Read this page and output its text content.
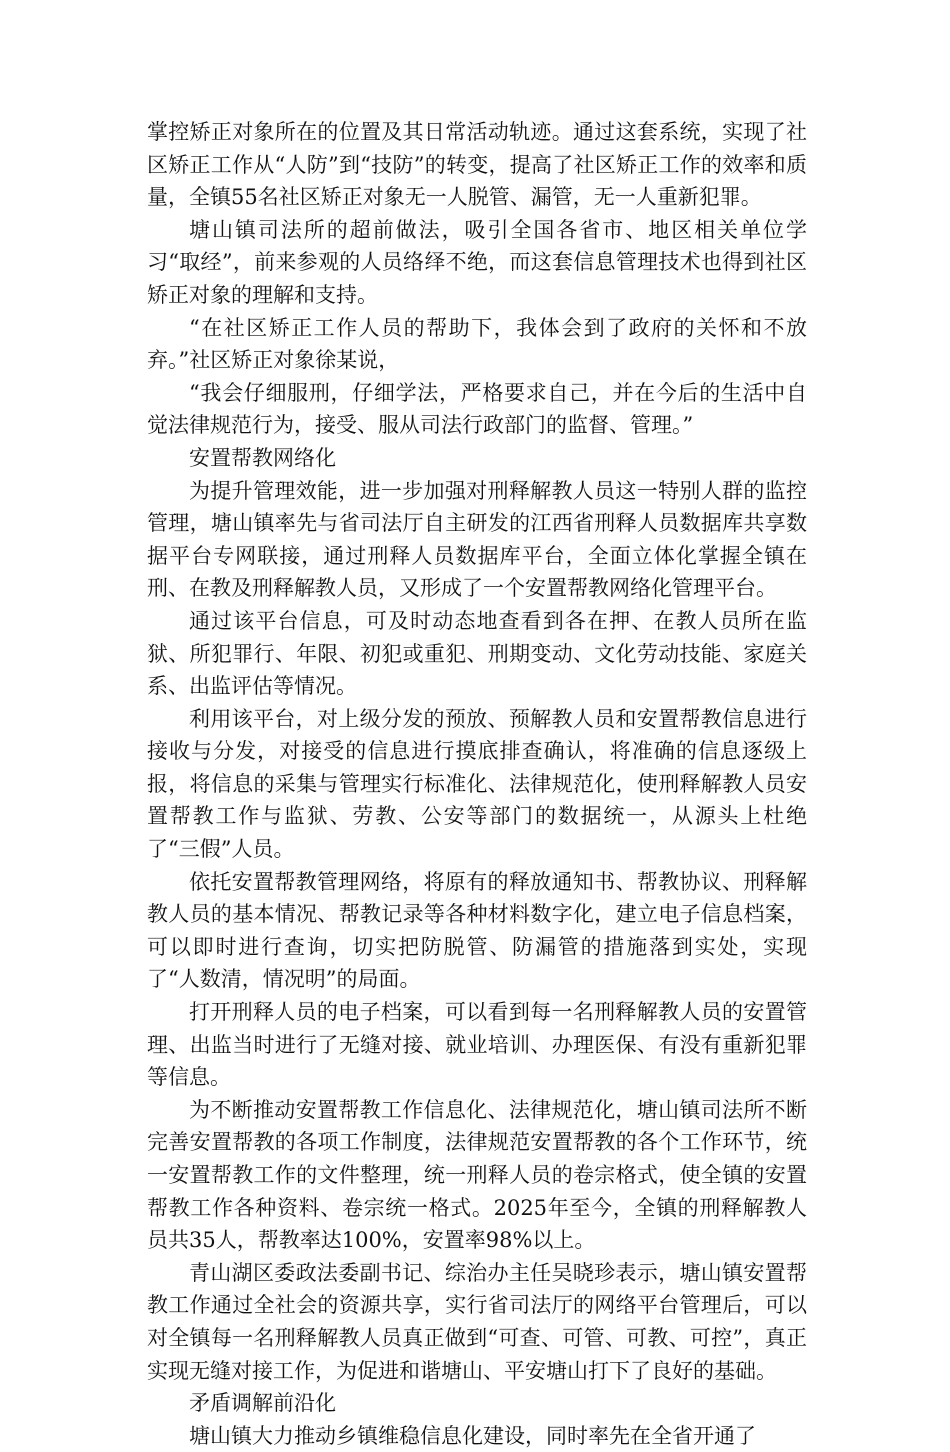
掌控矫正对象所在的位置及其日常活动轨迹。通过这套系统，实现了社区矫正工作从“人防”到“技防”的转变，提高了社区矫正工作的效率和质量，全镇55名社区矫正对象无一人脱管、漏管，无一人重新犯罪。

塘山镇司法所的超前做法，吸引全国各省市、地区相关单位学习“取经”，前来参观的人员络绎不绝，而这套信息管理技术也得到社区矫正对象的理解和支持。

“在社区矫正工作人员的帮助下，我体会到了政府的关怀和不放弃。”社区矫正对象徐某说，

“我会仔细服刑，仔细学法，严格要求自己，并在今后的生活中自觉法律规范行为，接受、服从司法行政部门的监督、管理。”

安置帮教网络化

为提升管理效能，进一步加强对刑释解教人员这一特别人群的监控管理，塘山镇率先与省司法厅自主研发的江西省刑释人员数据库共享数据平台专网联接，通过刑释人员数据库平台，全面立体化掌握全镇在刑、在教及刑释解教人员，又形成了一个安置帮教网络化管理平台。

通过该平台信息，可及时动态地查看到各在押、在教人员所在监狱、所犯罪行、年限、初犯或重犯、刑期变动、文化劳动技能、家庭关系、出监评估等情况。

利用该平台，对上级分发的预放、预解教人员和安置帮教信息进行接收与分发，对接受的信息进行摸底排查确认，将准确的信息逐级上报，将信息的采集与管理实行标准化、法律规范化，使刑释解教人员安置帮教工作与监狱、劳教、公安等部门的数据统一，从源头上杜绝了“三假”人员。

依托安置帮教管理网络，将原有的释放通知书、帮教协议、刑释解教人员的基本情况、帮教记录等各种材料数字化，建立电子信息档案，可以即时进行查询，切实把防脱管、防漏管的措施落到实处，实现了“人数清，情况明”的局面。

打开刑释人员的电子档案，可以看到每一名刑释解教人员的安置管理、出监当时进行了无缝对接、就业培训、办理医保、有没有重新犯罪等信息。

为不断推动安置帮教工作信息化、法律规范化，塘山镇司法所不断完善安置帮教的各项工作制度，法律规范安置帮教的各个工作环节，统一安置帮教工作的文件整理，统一刑释人员的卷宗格式，使全镇的安置帮教工作各种资料、卷宗统一格式。2025年至今，全镇的刑释解教人员共35人，帮教率达100%，安置率98%以上。

青山湖区委政法委副书记、综治办主任吴晓珍表示，塘山镇安置帮教工作通过全社会的资源共享，实行省司法厅的网络平台管理后，可以对全镇每一名刑释解教人员真正做到“可查、可管、可教、可控”，真正实现无缝对接工作，为促进和谐塘山、平安塘山打下了良好的基础。

矛盾调解前沿化

塘山镇大力推动乡镇维稳信息化建设，同时率先在全省开通了
